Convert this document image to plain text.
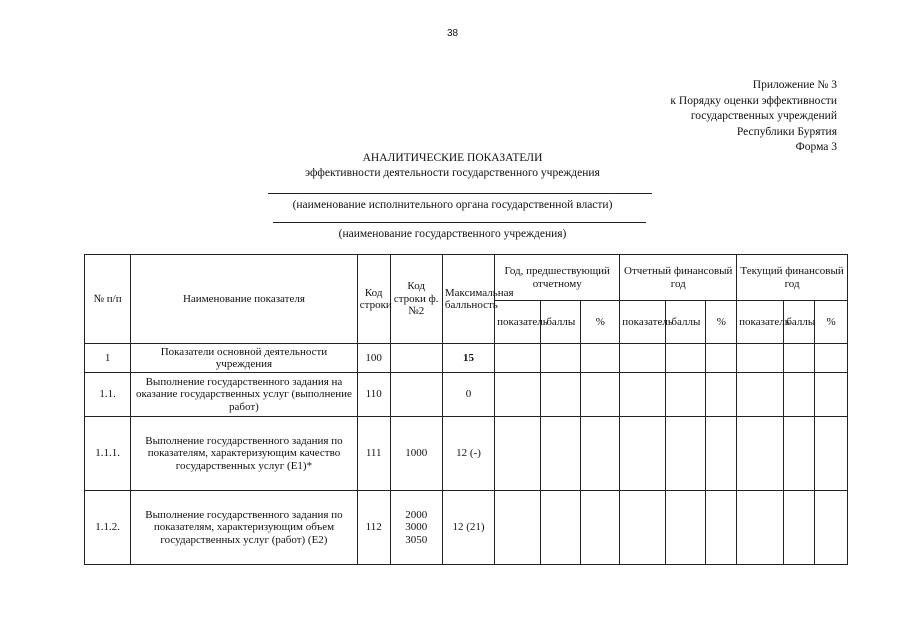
38
Приложение № 3
к Порядку оценки эффективности
государственных учреждений
Республики Бурятия
Форма 3
АНАЛИТИЧЕСКИЕ ПОКАЗАТЕЛИ
эффективности деятельности государственного учреждения
(наименование исполнительного органа государственной власти)
(наименование государственного учреждения)
№ п/п	Наименование показателя	Код строки	Код строки ф. №2	Максимальная балльность	Год, предшествующий отчетному			Отчетный финансовый год			Текущий финансовый год		
					показатель	баллы	%	показатель	баллы	%	показатель	баллы	%
1	Показатели основной деятельности учреждения	100		15									
1.1.	Выполнение государственного задания на оказание государственных услуг (выполнение работ)	110		0									
1.1.1.	Выполнение государственного задания по показателям, характеризующим качество государственных услуг (Е1)*	111	1000	12 (-)									
1.1.2.	Выполнение государственного задания по показателям, характеризующим объем государственных услуг (работ) (Е2)	112	2000 3000 3050	12 (21)									
